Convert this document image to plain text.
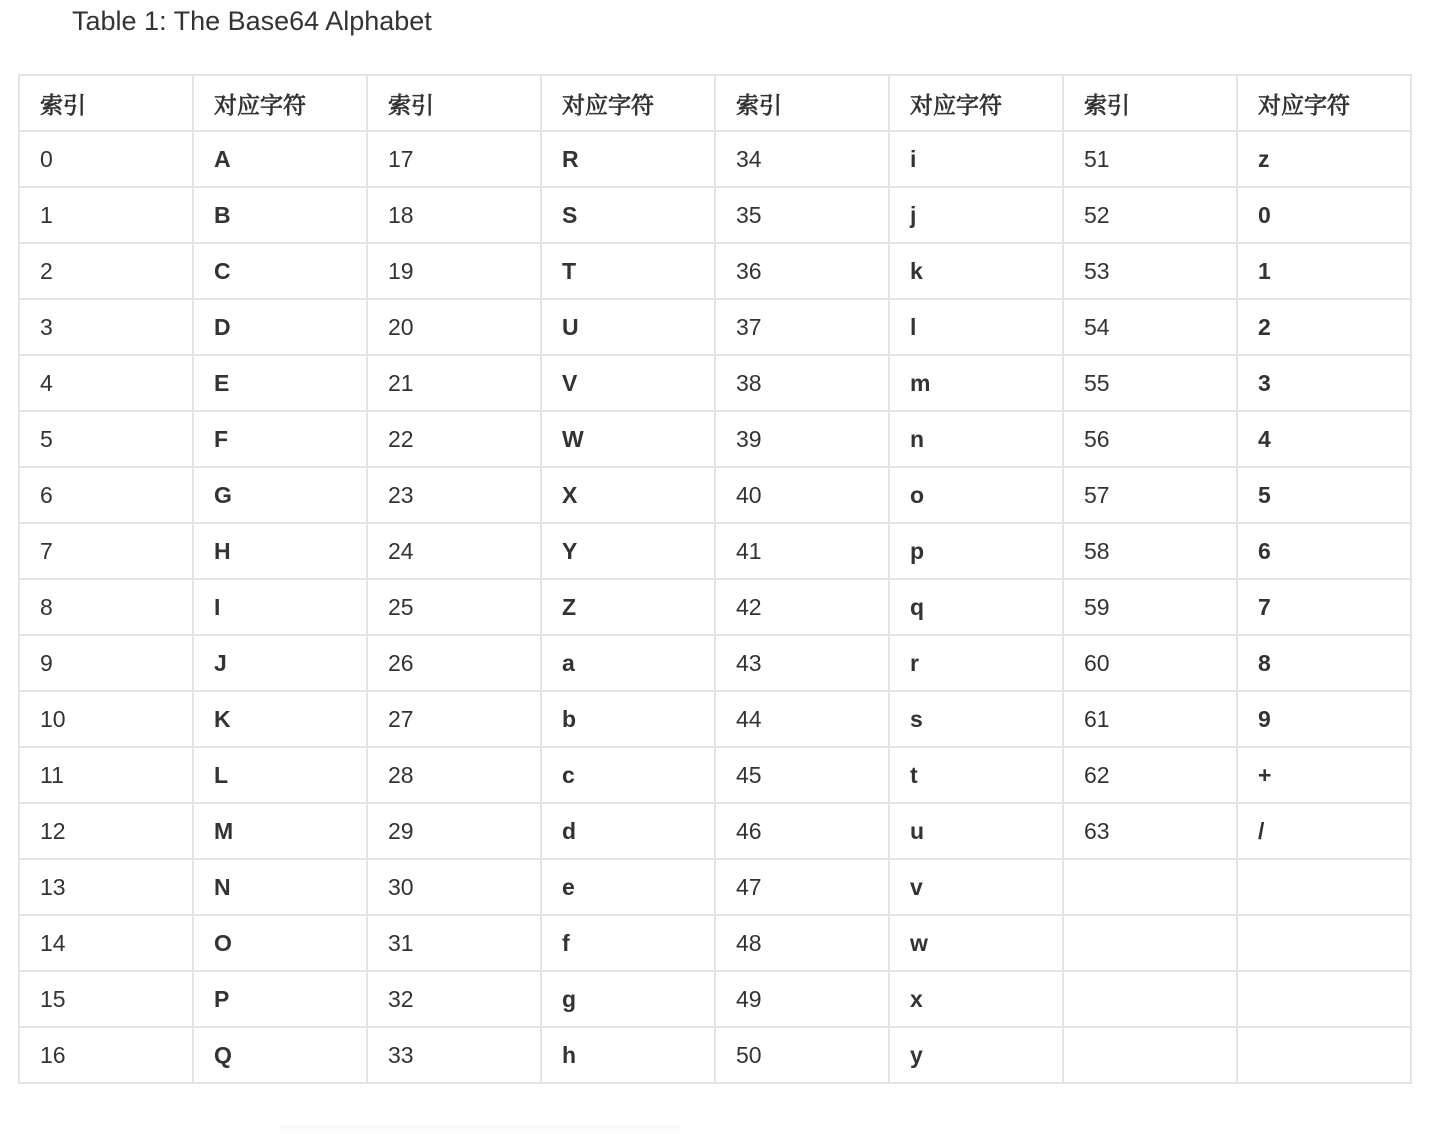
Table 1: The Base64 Alphabet
索引	对应字符	索引	对应字符	索引	对应字符	索引	对应字符
0	A	17	R	34	i	51	z
1	B	18	S	35	j	52	0
2	C	19	T	36	k	53	1
3	D	20	U	37	l	54	2
4	E	21	V	38	m	55	3
5	F	22	W	39	n	56	4
6	G	23	X	40	o	57	5
7	H	24	Y	41	p	58	6
8	I	25	Z	42	q	59	7
9	J	26	a	43	r	60	8
10	K	27	b	44	s	61	9
11	L	28	c	45	t	62	+
12	M	29	d	46	u	63	/
13	N	30	e	47	v		
14	O	31	f	48	w		
15	P	32	g	49	x		
16	Q	33	h	50	y		
